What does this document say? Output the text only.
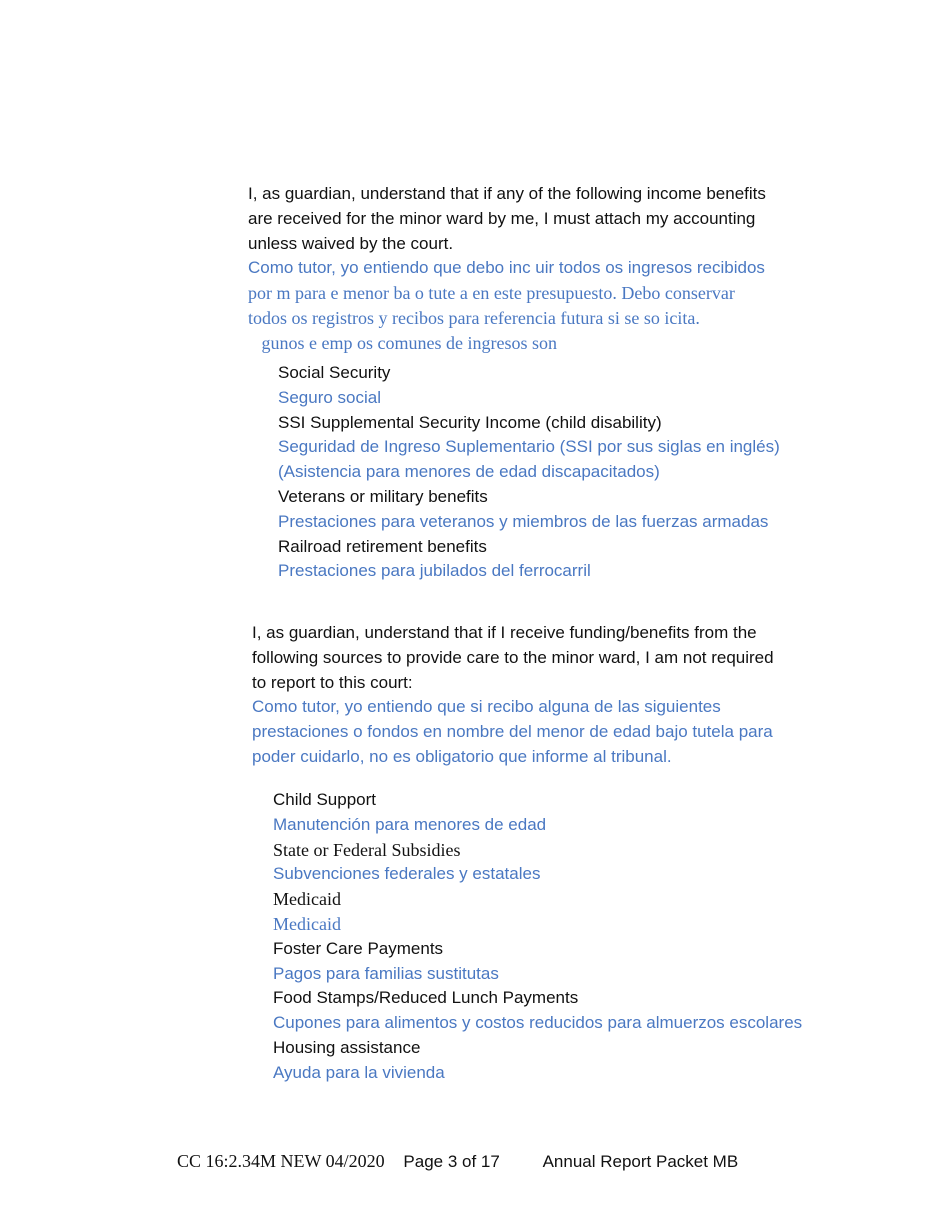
I, as guardian, understand that if any of the following income benefits
are received for the minor ward by me, I must attach my accounting
unless waived by the court.
Como tutor, yo entiendo que debo inc uir todos os ingresos recibidos
por m para e menor ba o tute a en este presupuesto. Debo conservar
todos os registros y recibos para referencia futura si se so icita.
gunos e emp os comunes de ingresos son
Social Security
Seguro social
SSI Supplemental Security Income (child disability)
Seguridad de Ingreso Suplementario (SSI por sus siglas en inglés)
(Asistencia para menores de edad discapacitados)
Veterans or military benefits
Prestaciones para veteranos y miembros de las fuerzas armadas
Railroad retirement benefits
Prestaciones para jubilados del ferrocarril
I, as guardian, understand that if I receive funding/benefits from the
following sources to provide care to the minor ward, I am not required
to report to this court:
Como tutor, yo entiendo que si recibo alguna de las siguientes
prestaciones o fondos en nombre del menor de edad bajo tutela para
poder cuidarlo, no es obligatorio que informe al tribunal.
Child Support
Manutención para menores de edad
State or Federal Subsidies
Subvenciones federales y estatales
Medicaid
Medicaid
Foster Care Payments
Pagos para familias sustitutas
Food Stamps/Reduced Lunch Payments
Cupones para alimentos y costos reducidos para almuerzos escolares
Housing assistance
Ayuda para la vivienda
CC 16:2.34M NEW 04/2020 Page 3 of 17	Annual Report Packet MB
